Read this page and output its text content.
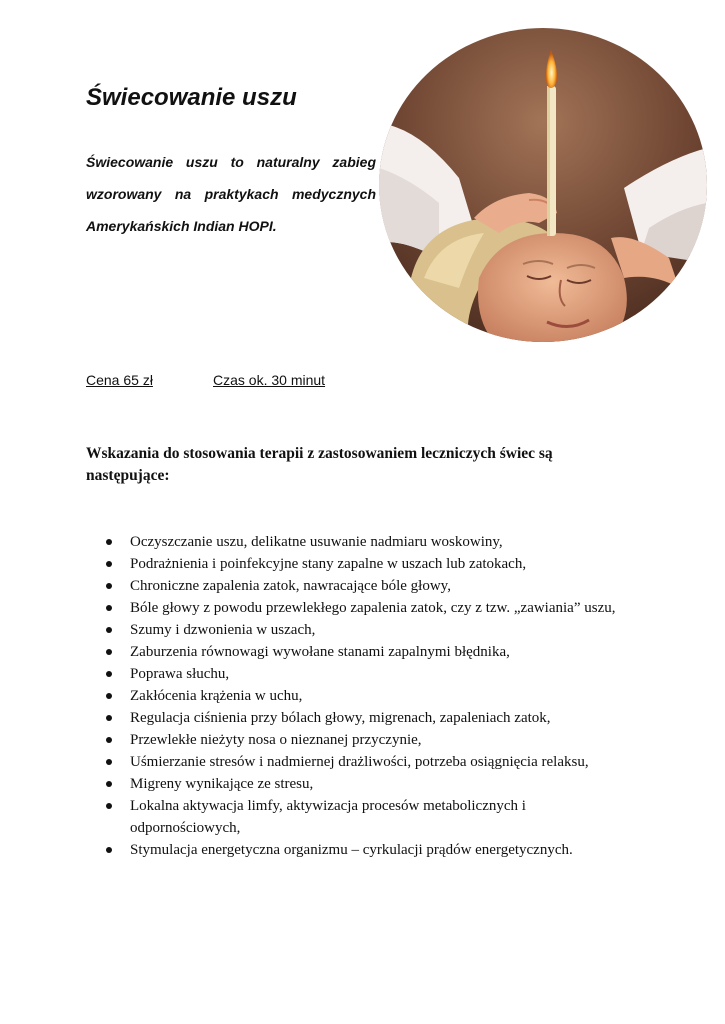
Świecowanie uszu

Świecowanie uszu to naturalny zabieg
wzorowany na praktykach medycznych
Amerykańskich Indian HOPI.

Cena 65 zł	Czas ok. 30 minut

Wskazania do stosowania terapii z zastosowaniem leczniczych świec są następujące:

Oczyszczanie uszu, delikatne usuwanie nadmiaru woskowiny,
Podrażnienia i poinfekcyjne stany zapalne w uszach lub zatokach,
Chroniczne zapalenia zatok, nawracające bóle głowy,
Bóle głowy z powodu przewlekłego zapalenia zatok, czy z tzw. „zawiania” uszu,
Szumy i dzwonienia w uszach,
Zaburzenia równowagi wywołane stanami zapalnymi błędnika,
Poprawa słuchu,
Zakłócenia krążenia w uchu,
Regulacja ciśnienia przy bólach głowy, migrenach, zapaleniach zatok,
Przewlekłe nieżyty nosa o nieznanej przyczynie,
Uśmierzanie stresów i nadmiernej drażliwości, potrzeba osiągnięcia relaksu,
Migreny wynikające ze stresu,
Lokalna aktywacja limfy, aktywizacja procesów metabolicznych i odpornościowych,
Stymulacja energetyczna organizmu – cyrkulacji prądów energetycznych.
